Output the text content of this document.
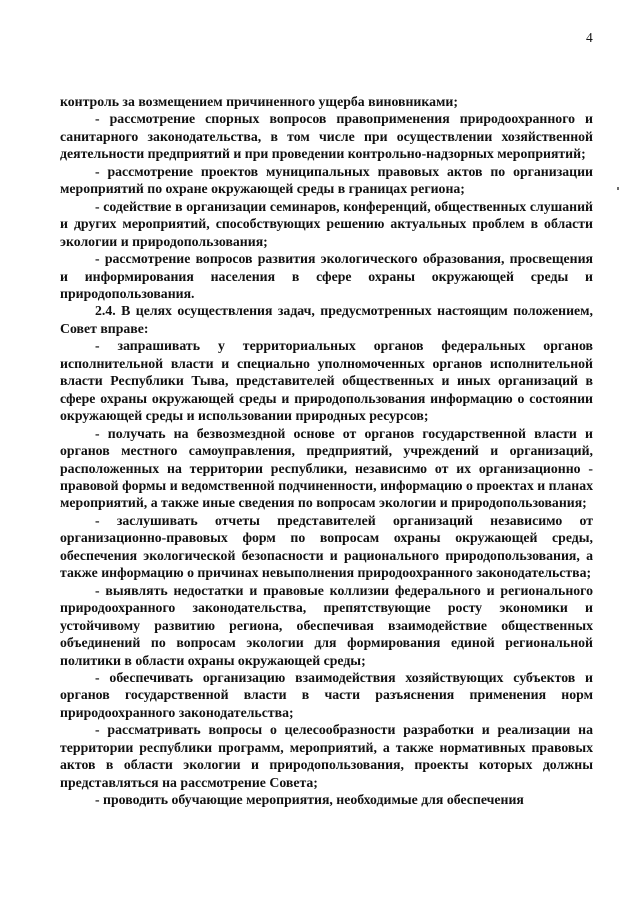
4

контроль за возмещением причиненного ущерба виновниками;

- рассмотрение спорных вопросов правоприменения природоохранного и санитарного законодательства, в том числе при осуществлении хозяйственной деятельности предприятий и при проведении контрольно-надзорных мероприятий;

- рассмотрение проектов муниципальных правовых актов по организации мероприятий по охране окружающей среды в границах региона;

- содействие в организации семинаров, конференций, общественных слушаний и других мероприятий, способствующих решению актуальных проблем в области экологии и природопользования;

- рассмотрение вопросов развития экологического образования, просвещения и информирования населения в сфере охраны окружающей среды и природопользования.

2.4. В целях осуществления задач, предусмотренных настоящим положением, Совет вправе:

- запрашивать у территориальных органов федеральных органов исполнительной власти и специально уполномоченных органов исполнительной власти Республики Тыва, представителей общественных и иных организаций в сфере охраны окружающей среды и природопользования информацию о состоянии окружающей среды и использовании природных ресурсов;

- получать на безвозмездной основе от органов государственной власти и органов местного самоуправления, предприятий, учреждений и организаций, расположенных на территории республики, независимо от их организационно - правовой формы и ведомственной подчиненности, информацию о проектах и планах мероприятий, а также иные сведения по вопросам экологии и природопользования;

- заслушивать отчеты представителей организаций независимо от организационно-правовых форм по вопросам охраны окружающей среды, обеспечения экологической безопасности и рационального природопользования, а также информацию о причинах невыполнения природоохранного законодательства;

- выявлять недостатки и правовые коллизии федерального и регионального природоохранного законодательства, препятствующие росту экономики и устойчивому развитию региона, обеспечивая взаимодействие общественных объединений по вопросам экологии для формирования единой региональной политики в области охраны окружающей среды;

- обеспечивать организацию взаимодействия хозяйствующих субъектов и органов государственной власти в части разъяснения применения норм природоохранного законодательства;

- рассматривать вопросы о целесообразности разработки и реализации на территории республики программ, мероприятий, а также нормативных правовых актов в области экологии и природопользования, проекты которых должны представляться на рассмотрение Совета;

- проводить обучающие мероприятия, необходимые для обеспечения
